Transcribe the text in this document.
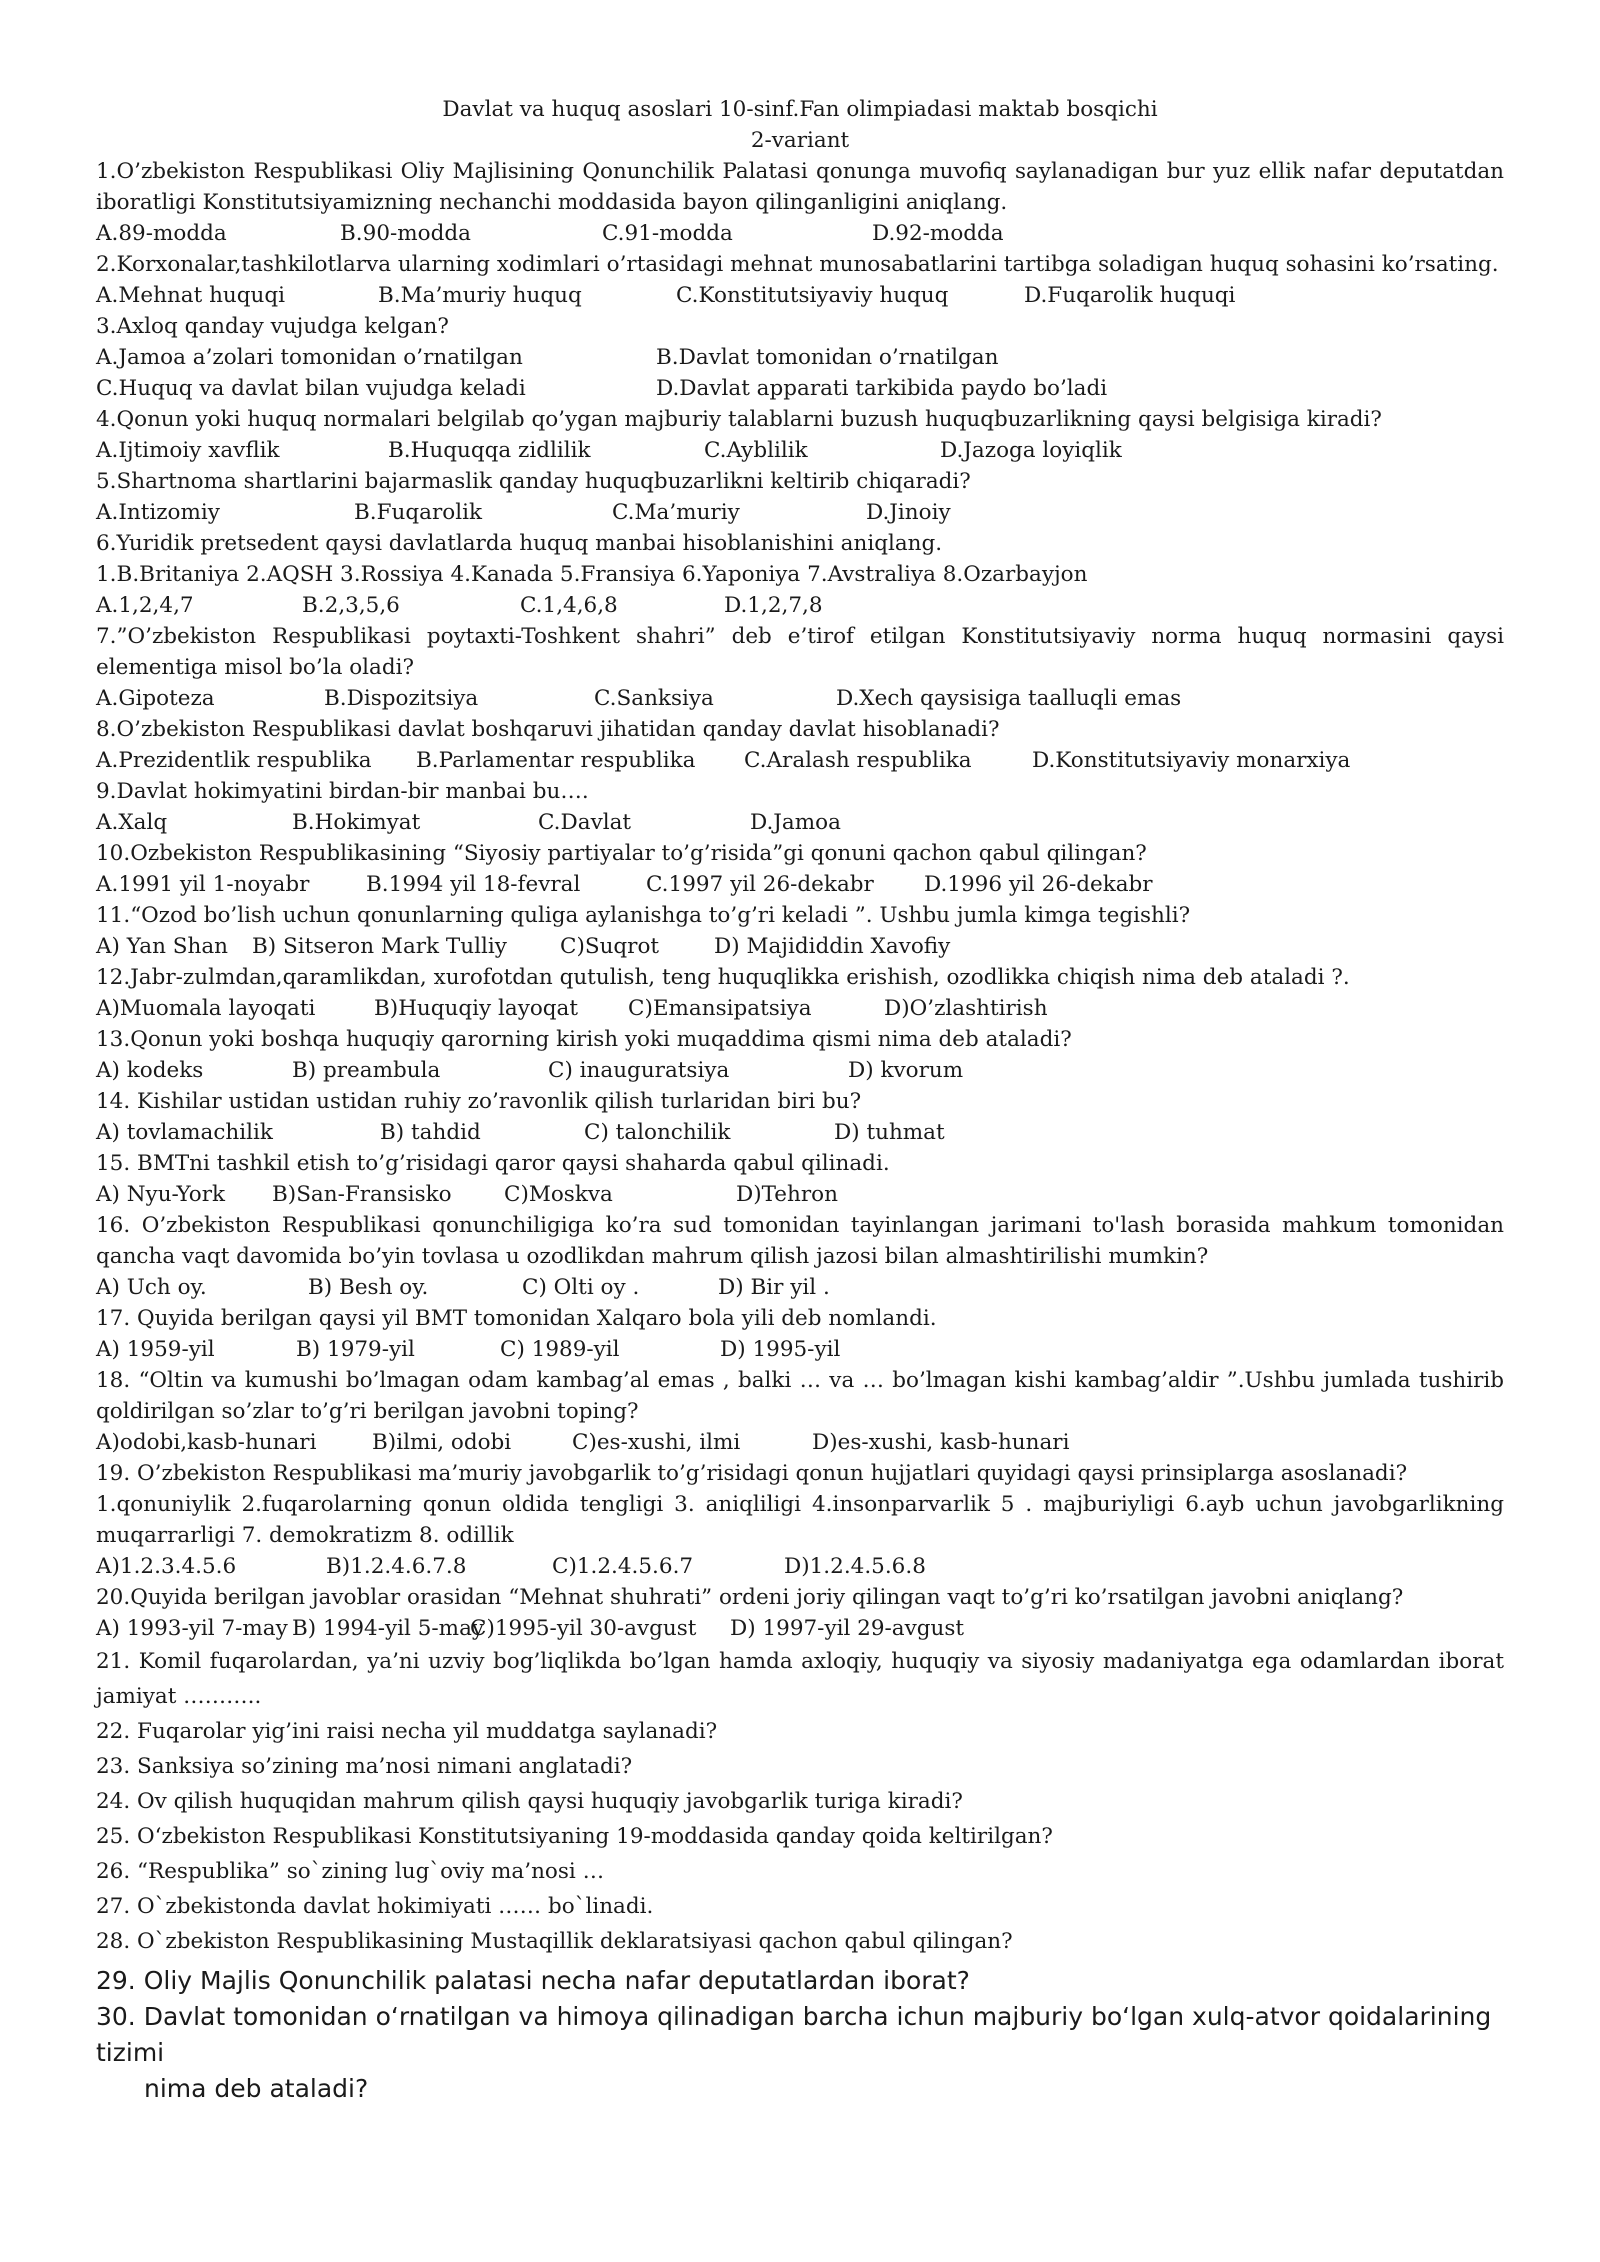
Davlat va huquq asoslari 10-sinf.Fan olimpiadasi maktab bosqichi
2-variant
1.O’zbekiston Respublikasi Oliy Majlisining Qonunchilik Palatasi qonunga muvofiq saylanadigan bur yuz ellik nafar deputatdan iboratligi Konstitutsiyamizning nechanchi moddasida bayon qilinganligini aniqlang.
A.89-modda	B.90-modda	C.91-modda	D.92-modda
2.Korxonalar,tashkilotlarva ularning xodimlari o’rtasidagi mehnat munosabatlarini tartibga soladigan huquq sohasini ko’rsating.
A.Mehnat huquqi	B.Ma’muriy huquq	C.Konstitutsiyaviy huquq	D.Fuqarolik huquqi
3.Axloq qanday vujudga kelgan?
A.Jamoa a’zolari tomonidan o’rnatilgan	B.Davlat tomonidan o’rnatilgan
C.Huquq va davlat bilan vujudga keladi	D.Davlat apparati tarkibida paydo bo’ladi
4.Qonun yoki huquq normalari belgilab qo’ygan majburiy talablarni buzush huquqbuzarlikning qaysi belgisiga kiradi?
A.Ijtimoiy xavflik	B.Huquqqa zidlilik	C.Ayblilik	D.Jazoga loyiqlik
5.Shartnoma shartlarini bajarmaslik qanday huquqbuzarlikni keltirib chiqaradi?
A.Intizomiy	B.Fuqarolik	C.Ma’muriy	D.Jinoiy
6.Yuridik pretsedent qaysi davlatlarda huquq manbai hisoblanishini aniqlang.
1.B.Britaniya 2.AQSH 3.Rossiya 4.Kanada 5.Fransiya 6.Yaponiya 7.Avstraliya 8.Ozarbayjon
A.1,2,4,7	B.2,3,5,6	C.1,4,6,8	D.1,2,7,8
7.”O’zbekiston Respublikasi poytaxti-Toshkent shahri” deb e’tirof etilgan Konstitutsiyaviy norma huquq normasini qaysi elementiga misol bo’la oladi?
A.Gipoteza	B.Dispozitsiya	C.Sanksiya	D.Xech qaysisiga taalluqli emas
8.O’zbekiston Respublikasi davlat boshqaruvi jihatidan qanday davlat hisoblanadi?
A.Prezidentlik respublika	B.Parlamentar respublika	C.Aralash respublika	D.Konstitutsiyaviy monarxiya
9.Davlat hokimyatini birdan-bir manbai bu….
A.Xalq	B.Hokimyat	C.Davlat	D.Jamoa
10.Ozbekiston Respublikasining “Siyosiy partiyalar to’g’risida”gi qonuni qachon qabul qilingan?
A.1991 yil 1-noyabr	B.1994 yil 18-fevral	C.1997 yil 26-dekabr	D.1996 yil 26-dekabr
11.“Ozod bo’lish uchun qonunlarning quliga aylanishga to’g’ri keladi ”. Ushbu jumla kimga tegishli?
A) Yan Shan	B) Sitseron Mark Tulliy	C)Suqrot	D) Majididdin Xavofiy
12.Jabr-zulmdan,qaramlikdan, xurofotdan qutulish, teng huquqlikka erishish, ozodlikka chiqish nima deb ataladi ?.
A)Muomala layoqati	B)Huquqiy layoqat	C)Emansipatsiya	D)O’zlashtirish
13.Qonun yoki boshqa huquqiy qarorning kirish yoki muqaddima qismi nima deb ataladi?
A) kodeks	B) preambula	C) inauguratsiya	D) kvorum
14. Kishilar ustidan ustidan ruhiy zo’ravonlik qilish turlaridan biri bu?
A) tovlamachilik	B) tahdid	C) talonchilik	D) tuhmat
15. BMTni tashkil etish to’g’risidagi qaror qaysi shaharda qabul qilinadi.
A) Nyu-York	B)San-Fransisko	C)Moskva	D)Tehron
16. O’zbekiston Respublikasi qonunchiligiga ko’ra sud tomonidan tayinlangan jarimani to'lash borasida mahkum tomonidan qancha vaqt davomida bo’yin tovlasa u ozodlikdan mahrum qilish jazosi bilan almashtirilishi mumkin?
A) Uch oy.	B) Besh oy.	C) Olti oy .	D) Bir yil .
17. Quyida berilgan qaysi yil BMT tomonidan Xalqaro bola yili deb nomlandi.
A) 1959-yil	B) 1979-yil	C) 1989-yil	D) 1995-yil
18. “Oltin va kumushi bo’lmagan odam kambag’al emas , balki … va … bo’lmagan kishi kambag’aldir ”.Ushbu jumlada tushirib qoldirilgan so’zlar to’g’ri berilgan javobni toping?
A)odobi,kasb-hunari	B)ilmi, odobi	C)es-xushi, ilmi	D)es-xushi, kasb-hunari
19. O’zbekiston Respublikasi ma’muriy javobgarlik to’g’risidagi qonun hujjatlari quyidagi qaysi prinsiplarga asoslanadi?
1.qonuniylik 2.fuqarolarning qonun oldida tengligi 3. aniqliligi 4.insonparvarlik 5 . majburiyligi 6.ayb uchun javobgarlikning muqarrarligi 7. demokratizm 8. odillik
A)1.2.3.4.5.6	B)1.2.4.6.7.8	C)1.2.4.5.6.7	D)1.2.4.5.6.8
20.Quyida berilgan javoblar orasidan “Mehnat shuhrati” ordeni joriy qilingan vaqt to’g’ri ko’rsatilgan javobni aniqlang?
A) 1993-yil 7-may B) 1994-yil 5-may
C)1995-yil 30-avgust	D) 1997-yil 29-avgust
21. Komil fuqarolardan, ya’ni uzviy bog’liqlikda bo’lgan hamda axloqiy, huquqiy va siyosiy madaniyatga ega odamlardan iborat jamiyat ………..
22. Fuqarolar yig’ini raisi necha yil muddatga saylanadi?
23. Sanksiya so’zining ma’nosi nimani anglatadi?
24. Ov qilish huquqidan mahrum qilish qaysi huquqiy javobgarlik turiga kiradi?
25. O‘zbekiston Respublikasi Konstitutsiyaning 19-moddasida qanday qoida keltirilgan?
26. “Respublika” so`zining lug`oviy ma’nosi …
27. O`zbekistonda davlat hokimiyati …… bo`linadi.
28. O`zbekiston Respublikasining Mustaqillik deklaratsiyasi qachon qabul qilingan?
29. Oliy Majlis Qonunchilik palatasi necha nafar deputatlardan iborat?
30. Davlat tomonidan o‘rnatilgan va himoya qilinadigan barcha ichun majburiy bo‘lgan xulq-atvor qoidalarining tizimi
nima deb ataladi?
